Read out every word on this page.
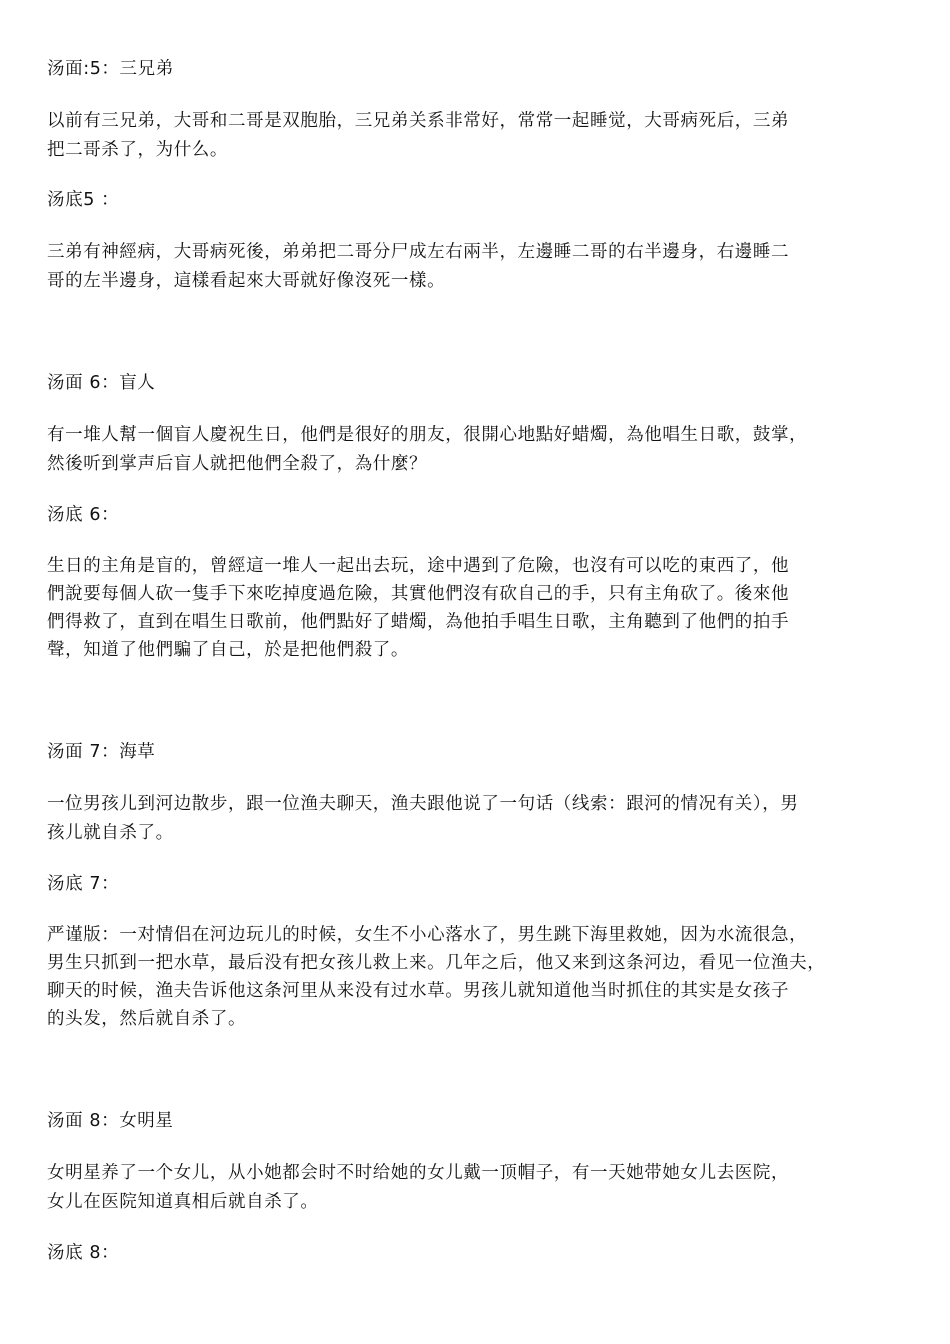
汤面:5：三兄弟
以前有三兄弟，大哥和二哥是双胞胎，三兄弟关系非常好，常常一起睡觉，大哥病死后，三弟
把二哥杀了，为什么。
汤底5 ：
三弟有神經病，大哥病死後，弟弟把二哥分尸成左右兩半，左邊睡二哥的右半邊身，右邊睡二
哥的左半邊身，這樣看起來大哥就好像沒死一樣。
汤面 6：盲人
有一堆人幫一個盲人慶祝生日，他們是很好的朋友，很開心地點好蜡燭，為他唱生日歌，鼓掌，
然後听到掌声后盲人就把他們全殺了，為什麼？
汤底 6：
生日的主角是盲的，曾經這一堆人一起出去玩，途中遇到了危險，也沒有可以吃的東西了，他
們說要每個人砍一隻手下來吃掉度過危險，其實他們沒有砍自己的手，只有主角砍了。後來他
們得救了，直到在唱生日歌前，他們點好了蜡燭，為他拍手唱生日歌，主角聽到了他們的拍手
聲，知道了他們騙了自己，於是把他們殺了。
汤面 7：海草
一位男孩儿到河边散步，跟一位渔夫聊天，渔夫跟他说了一句话（线索：跟河的情况有关），男
孩儿就自杀了。
汤底 7：
严谨版：一对情侣在河边玩儿的时候，女生不小心落水了，男生跳下海里救她，因为水流很急，
男生只抓到一把水草，最后没有把女孩儿救上来。几年之后，他又来到这条河边，看见一位渔夫，
聊天的时候，渔夫告诉他这条河里从来没有过水草。男孩儿就知道他当时抓住的其实是女孩子
的头发，然后就自杀了。
汤面 8：女明星
女明星养了一个女儿，从小她都会时不时给她的女儿戴一顶帽子，有一天她带她女儿去医院，
女儿在医院知道真相后就自杀了。
汤底 8：
